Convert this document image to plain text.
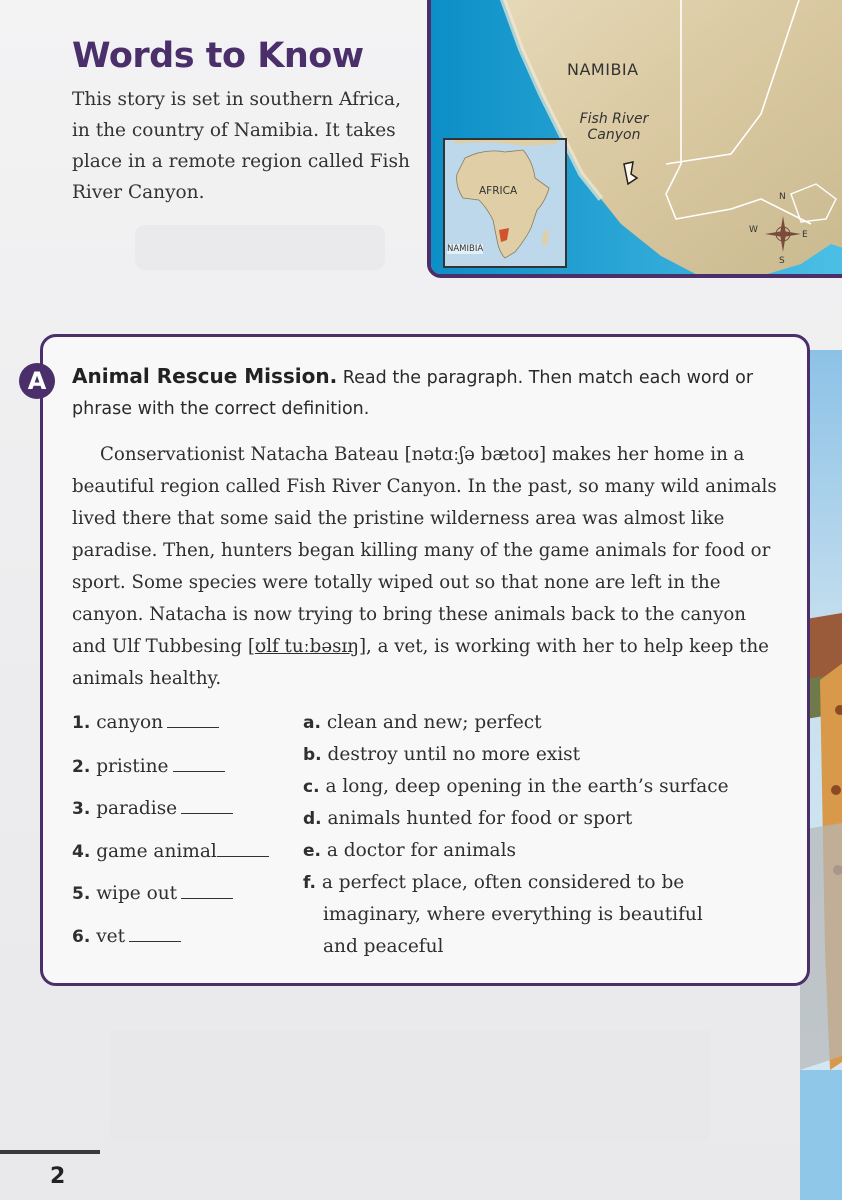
Words to Know
This story is set in southern Africa, in the country of Namibia. It takes place in a remote region called Fish River Canyon.
NAMIBIA
Fish River
Canyon
N
S
E
W
AFRICA
NAMIBIA
A	Animal Rescue Mission. Read the paragraph. Then match each word or phrase with the correct definition.

Conservationist Natacha Bateau [nətɑːʃə bætoʊ] makes her home in a beautiful region called Fish River Canyon. In the past, so many wild animals lived there that some said the pristine wilderness area was almost like paradise. Then, hunters began killing many of the game animals for food or sport. Some species were totally wiped out so that none are left in the canyon. Natacha is now trying to bring these animals back to the canyon and Ulf Tubbesing [ʊlf tuːbəsɪŋ], a vet, is working with her to help keep the animals healthy.

1. canyon
2. pristine
3. paradise
4. game animal
5. wipe out
6. vet
a. clean and new; perfect
b. destroy until no more exist
c. a long, deep opening in the earth’s surface
d. animals hunted for food or sport
e. a doctor for animals
f. a perfect place, often considered to be imaginary, where everything is beautiful and peaceful
2
